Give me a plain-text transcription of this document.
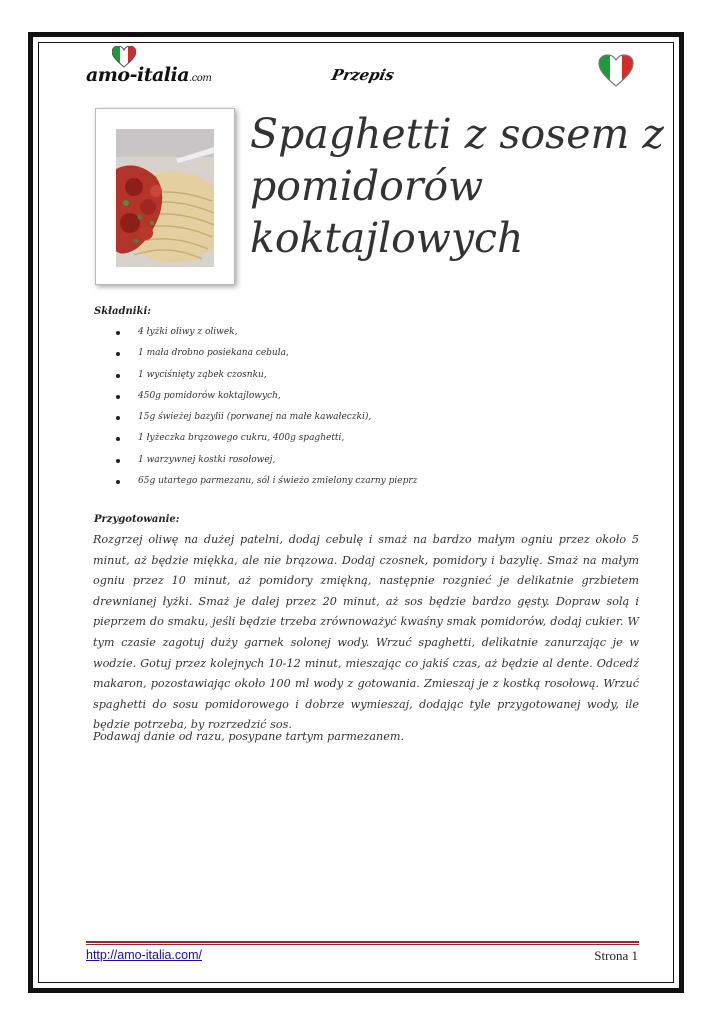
amo-italia.com	Przepis
Spaghetti z sosem z pomidorów koktajlowych
Składniki:
4 łyżki oliwy z oliwek,
1 mała drobno posiekana cebula,
1 wyciśnięty ząbek czosnku,
450g pomidorów koktajlowych,
15g świeżej bazylii (porwanej na małe kawałeczki),
1 łyżeczka brązowego cukru, 400g spaghetti,
1 warzywnej kostki rosołowej,
65g utartego parmezanu, sól i świeżo zmielony czarny pieprz
Przygotowanie:

Rozgrzej oliwę na dużej patelni, dodaj cebulę i smaż na bardzo małym ogniu przez około 5 minut, aż będzie miękka, ale nie brązowa. Dodaj czosnek, pomidory i bazylię. Smaż na małym ogniu przez 10 minut, aż pomidory zmiękną, następnie rozgnieć je delikatnie grzbietem drewnianej łyżki. Smaż je dalej przez 20 minut, aż sos będzie bardzo gęsty. Dopraw solą i pieprzem do smaku, jeśli będzie trzeba zrównoważyć kwaśny smak pomidorów, dodaj cukier. W tym czasie zagotuj duży garnek solonej wody. Wrzuć spaghetti, delikatnie zanurzając je w wodzie. Gotuj przez kolejnych 10-12 minut, mieszając co jakiś czas, aż będzie al dente. Odcedź makaron, pozostawiając około 100 ml wody z gotowania. Zmieszaj je z kostką rosołową. Wrzuć spaghetti do sosu pomidorowego i dobrze wymieszaj, dodając tyle przygotowanej wody, ile będzie potrzeba, by rozrzedzić sos.

Podawaj danie od razu, posypane tartym parmezanem.

http://amo-italia.com/	Strona 1
